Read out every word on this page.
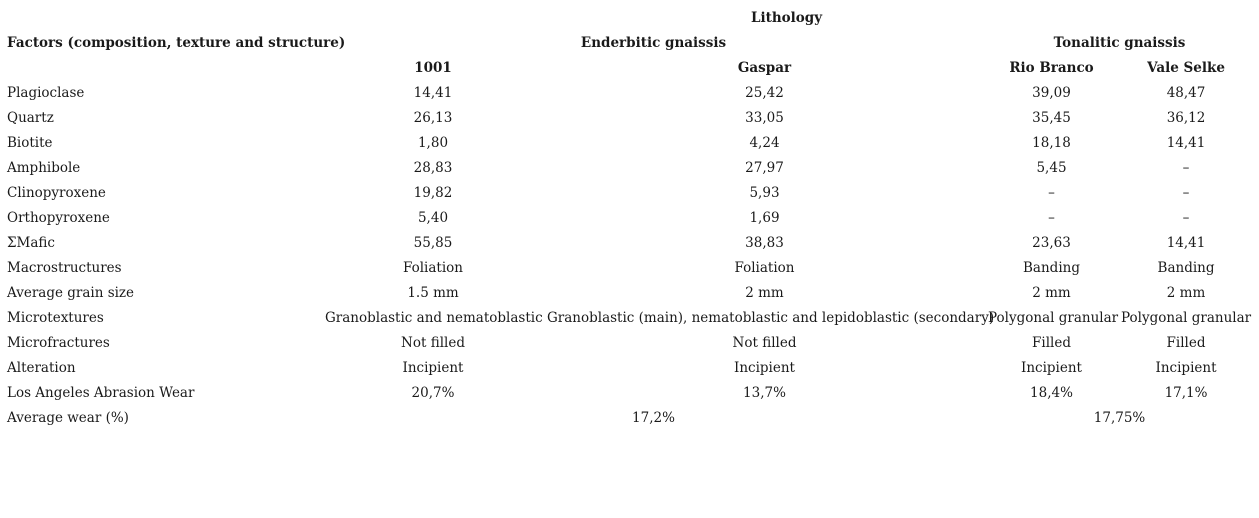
	Lithology			
Factors (composition, texture and structure)	Enderbitic gnaissis		Tonalitic gnaissis	
	1001	Gaspar	Rio Branco	Vale Selke
Plagioclase	14,41	25,42	39,09	48,47
Quartz	26,13	33,05	35,45	36,12
Biotite	1,80	4,24	18,18	14,41
Amphibole	28,83	27,97	5,45	–
Clinopyroxene	19,82	5,93	–	–
Orthopyroxene	5,40	1,69	–	–
ΣMafic	55,85	38,83	23,63	14,41
Macrostructures	Foliation	Foliation	Banding	Banding
Average grain size	1.5 mm	2 mm	2 mm	2 mm
Microtextures	Granoblastic and nematoblastic	Granoblastic (main), nematoblastic and lepidoblastic (secondary)	Polygonal granular	Polygonal granular
Microfractures	Not filled	Not filled	Filled	Filled
Alteration	Incipient	Incipient	Incipient	Incipient
Los Angeles Abrasion Wear	20,7%	13,7%	18,4%	17,1%
Average wear (%)	17,2%		17,75%	
